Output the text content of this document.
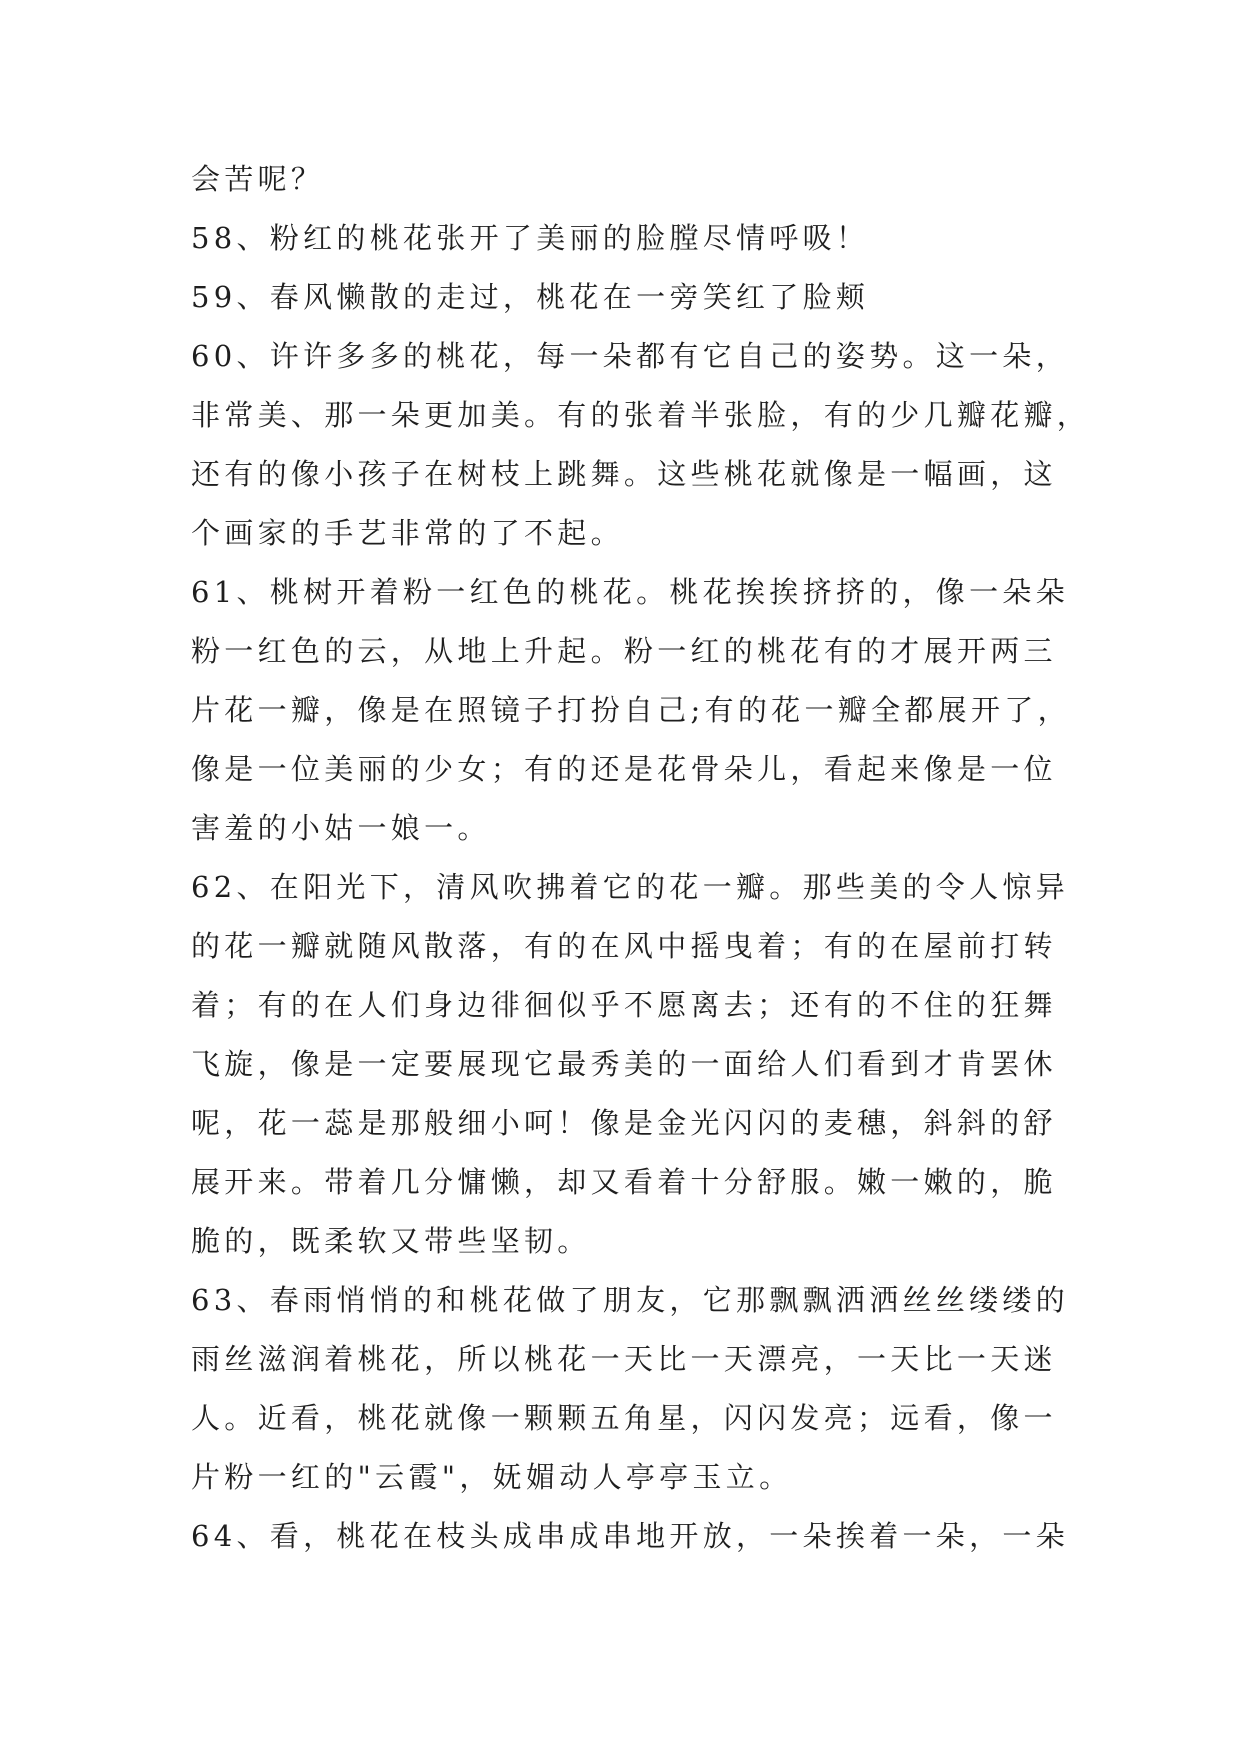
会苦呢？
58、粉红的桃花张开了美丽的脸膛尽情呼吸！
59、春风懒散的走过，桃花在一旁笑红了脸颊
60、许许多多的桃花，每一朵都有它自己的姿势。这一朵，
非常美、那一朵更加美。有的张着半张脸，有的少几瓣花瓣，
还有的像小孩子在树枝上跳舞。这些桃花就像是一幅画，这
个画家的手艺非常的了不起。
61、桃树开着粉一红色的桃花。桃花挨挨挤挤的，像一朵朵
粉一红色的云，从地上升起。粉一红的桃花有的才展开两三
片花一瓣，像是在照镜子打扮自己;有的花一瓣全都展开了，
像是一位美丽的少女；有的还是花骨朵儿，看起来像是一位
害羞的小姑一娘一。
62、在阳光下，清风吹拂着它的花一瓣。那些美的令人惊异
的花一瓣就随风散落，有的在风中摇曳着；有的在屋前打转
着；有的在人们身边徘徊似乎不愿离去；还有的不住的狂舞
飞旋，像是一定要展现它最秀美的一面给人们看到才肯罢休
呢，花一蕊是那般细小呵！像是金光闪闪的麦穗，斜斜的舒
展开来。带着几分慵懒，却又看着十分舒服。嫩一嫩的，脆
脆的，既柔软又带些坚韧。
63、春雨悄悄的和桃花做了朋友，它那飘飘洒洒丝丝缕缕的
雨丝滋润着桃花，所以桃花一天比一天漂亮，一天比一天迷
人。近看，桃花就像一颗颗五角星，闪闪发亮；远看，像一
片粉一红的"云霞"，妩媚动人亭亭玉立。
64、看，桃花在枝头成串成串地开放，一朵挨着一朵，一朵
